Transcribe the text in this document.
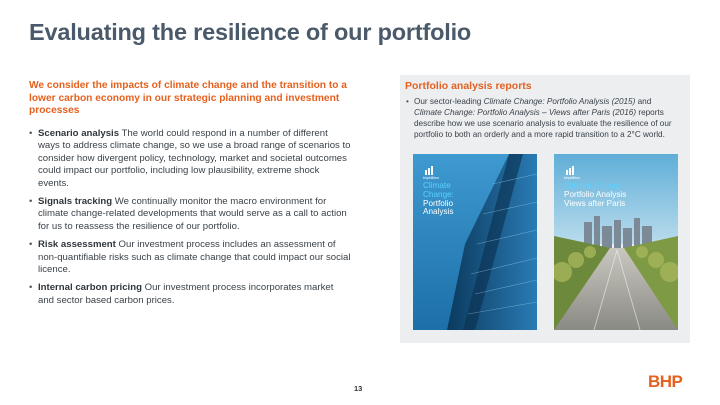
Evaluating the resilience of our portfolio
We consider the impacts of climate change and the transition to a lower carbon economy in our strategic planning and investment processes
• Scenario analysis The world could respond in a number of different ways to address climate change, so we use a broad range of scenarios to consider how divergent policy, technology, market and societal outcomes could impact our portfolio, including low plausibility, extreme shock events.
• Signals tracking We continually monitor the macro environment for climate change-related developments that would serve as a call to action for us to reassess the resilience of our portfolio.
• Risk assessment Our investment process includes an assessment of non-quantifiable risks such as climate change that could impact our social licence.
• Internal carbon pricing Our investment process incorporates market and sector based carbon prices.
Portfolio analysis reports
• Our sector-leading Climate Change: Portfolio Analysis (2015) and Climate Change: Portfolio Analysis – Views after Paris (2016) reports describe how we use scenario analysis to evaluate the resilience of our portfolio to both an orderly and a more rapid transition to a 2°C world.
bhpbilliton
Climate
Change:
Portfolio
Analysis
bhpbilliton
Climate Change:
Portfolio Analysis
Views after Paris
13	BHP
